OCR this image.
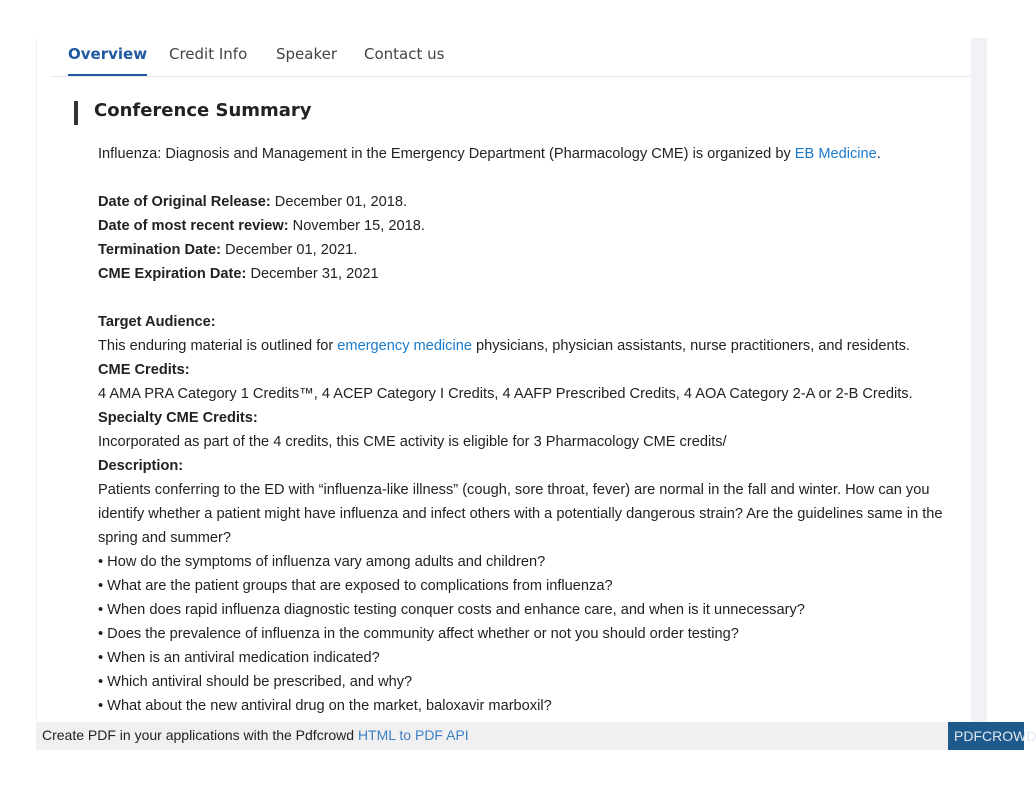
Overview Credit Info Speaker Contact us
Conference Summary

Influenza: Diagnosis and Management in the Emergency Department (Pharmacology CME) is organized by EB Medicine.

Date of Original Release: December 01, 2018.

Date of most recent review: November 15, 2018.

Termination Date: December 01, 2021.

CME Expiration Date: December 31, 2021

Target Audience:

This enduring material is outlined for emergency medicine physicians, physician assistants, nurse practitioners, and residents.

CME Credits:

4 AMA PRA Category 1 Credits™, 4 ACEP Category I Credits, 4 AAFP Prescribed Credits, 4 AOA Category 2-A or 2-B Credits.

Specialty CME Credits:

Incorporated as part of the 4 credits, this CME activity is eligible for 3 Pharmacology CME credits/

Description:

Patients conferring to the ED with “influenza-like illness” (cough, sore throat, fever) are normal in the fall and winter. How can you identify whether a patient might have influenza and infect others with a potentially dangerous strain? Are the guidelines same in the spring and summer?

• How do the symptoms of influenza vary among adults and children?

• What are the patient groups that are exposed to complications from influenza?

• When does rapid influenza diagnostic testing conquer costs and enhance care, and when is it unnecessary?

• Does the prevalence of influenza in the community affect whether or not you should order testing?

• When is an antiviral medication indicated?

• Which antiviral should be prescribed, and why?

• What about the new antiviral drug on the market, baloxavir marboxil?

Create PDF in your applications with the Pdfcrowd HTML to PDF API	PDFCROWD
